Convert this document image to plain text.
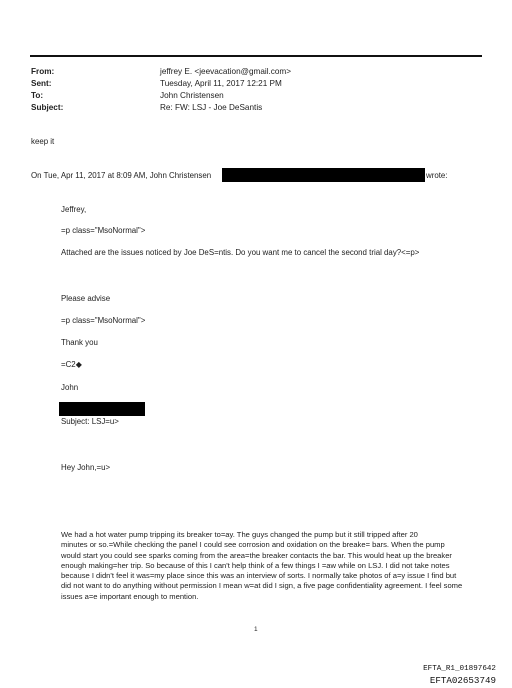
From:	jeffrey E. <jeevacation@gmail.com>
Sent:	Tuesday, April 11, 2017 12:21 PM
To:	John Christensen
Subject:	Re: FW: LSJ - Joe DeSantis
keep it
On Tue, Apr 11, 2017 at 8:09 AM, John Christensen	wrote:
Jeffrey,
=p class="MsoNormal">
Attached are the issues noticed by Joe DeS=ntis. Do you want me to cancel the second trial day?<=p>
Please advise
=p class="MsoNormal">
Thank you
=C2◆
John
Subject: LSJ=u>
Hey John,=u>
We had a hot water pump tripping its breaker to=ay. The guys changed the pump but it still tripped after 20
minutes or so.=While checking the panel I could see corrosion and oxidation on the breake= bars. When the pump
would start you could see sparks coming from the area=the breaker contacts the bar. This would heat up the breaker
enough making=her trip. So because of this I can't help think of a few things I =aw while on LSJ. I did not take notes
because I didn't feel it was=my place since this was an interview of sorts. I normally take photos of a=y issue I find but
did not want to do anything without permission I mean w=at did I sign, a five page confidentiality agreement. I feel some
issues a=e important enough to mention.
1
EFTA_R1_01897642
EFTA02653749
